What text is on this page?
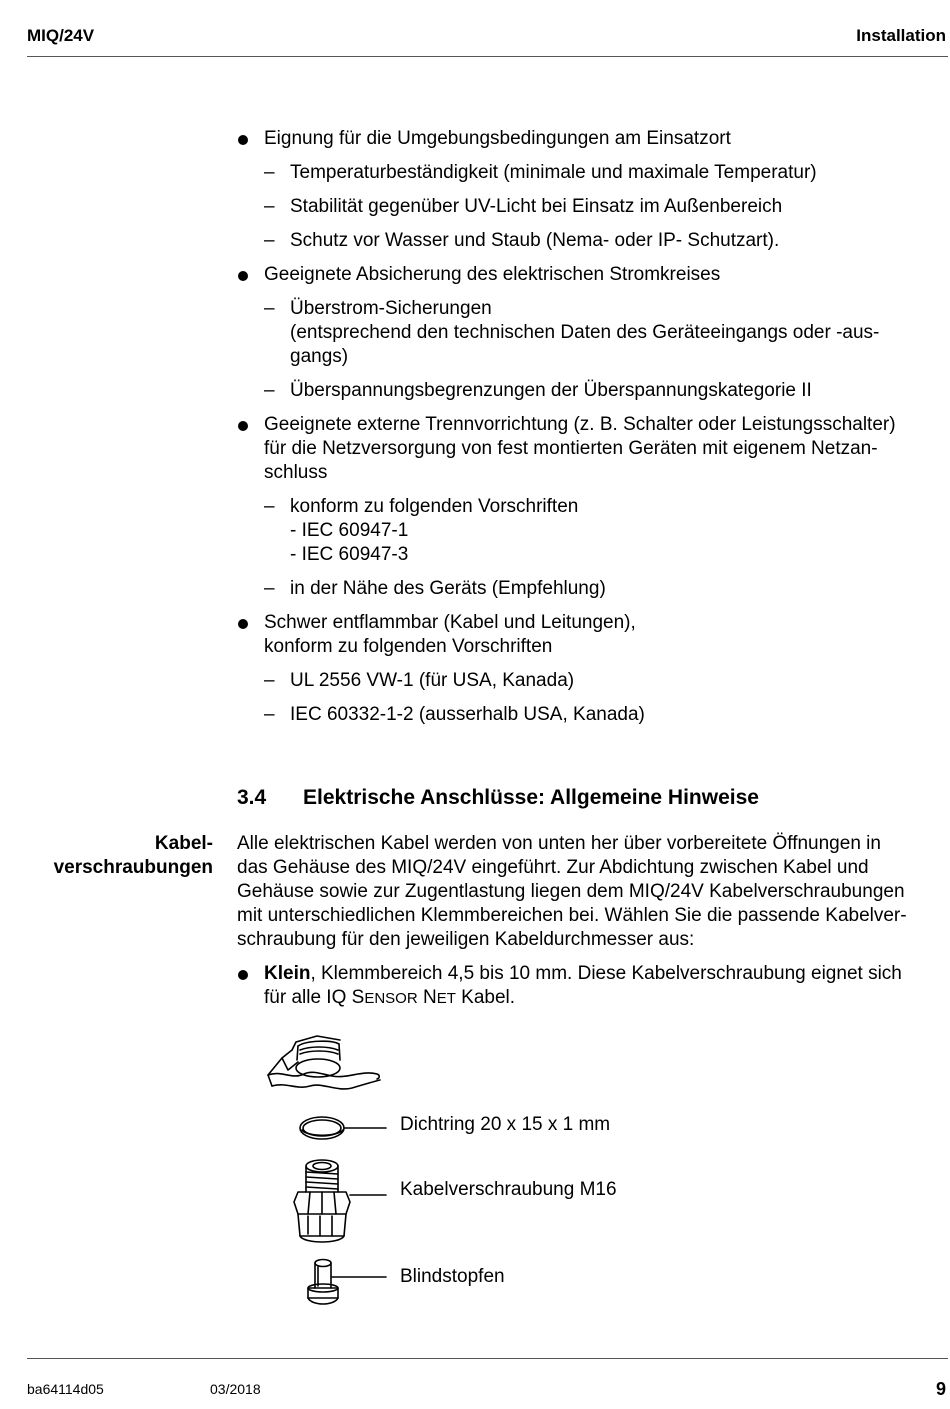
MIQ/24V	Installation
Eignung für die Umgebungsbedingungen am Einsatzort
– Temperaturbeständigkeit (minimale und maximale Temperatur)
– Stabilität gegenüber UV-Licht bei Einsatz im Außenbereich
– Schutz vor Wasser und Staub (Nema- oder IP- Schutzart).
Geeignete Absicherung des elektrischen Stromkreises
– Überstrom-Sicherungen
(entsprechend den technischen Daten des Geräteeingangs oder -aus-
gangs)
– Überspannungsbegrenzungen der Überspannungskategorie II
Geeignete externe Trennvorrichtung (z. B. Schalter oder Leistungsschalter)
für die Netzversorgung von fest montierten Geräten mit eigenem Netzan-
schluss
– konform zu folgenden Vorschriften
- IEC 60947-1
- IEC 60947-3
– in der Nähe des Geräts (Empfehlung)
Schwer entflammbar (Kabel und Leitungen),
konform zu folgenden Vorschriften
– UL 2556 VW-1 (für USA, Kanada)
– IEC 60332-1-2 (ausserhalb USA, Kanada)
3.4 Elektrische Anschlüsse: Allgemeine Hinweise
Kabel-
verschraubungen
Alle elektrischen Kabel werden von unten her über vorbereitete Öffnungen in
das Gehäuse des MIQ/24V eingeführt. Zur Abdichtung zwischen Kabel und
Gehäuse sowie zur Zugentlastung liegen dem MIQ/24V Kabelverschraubungen
mit unterschiedlichen Klemmbereichen bei. Wählen Sie die passende Kabelver-
schraubung für den jeweiligen Kabeldurchmesser aus:
Klein, Klemmbereich 4,5 bis 10 mm. Diese Kabelverschraubung eignet sich
für alle IQ SENSOR NET Kabel.
Dichtring 20 x 15 x 1 mm
Kabelverschraubung M16
Blindstopfen
ba64114d05	03/2018	9
